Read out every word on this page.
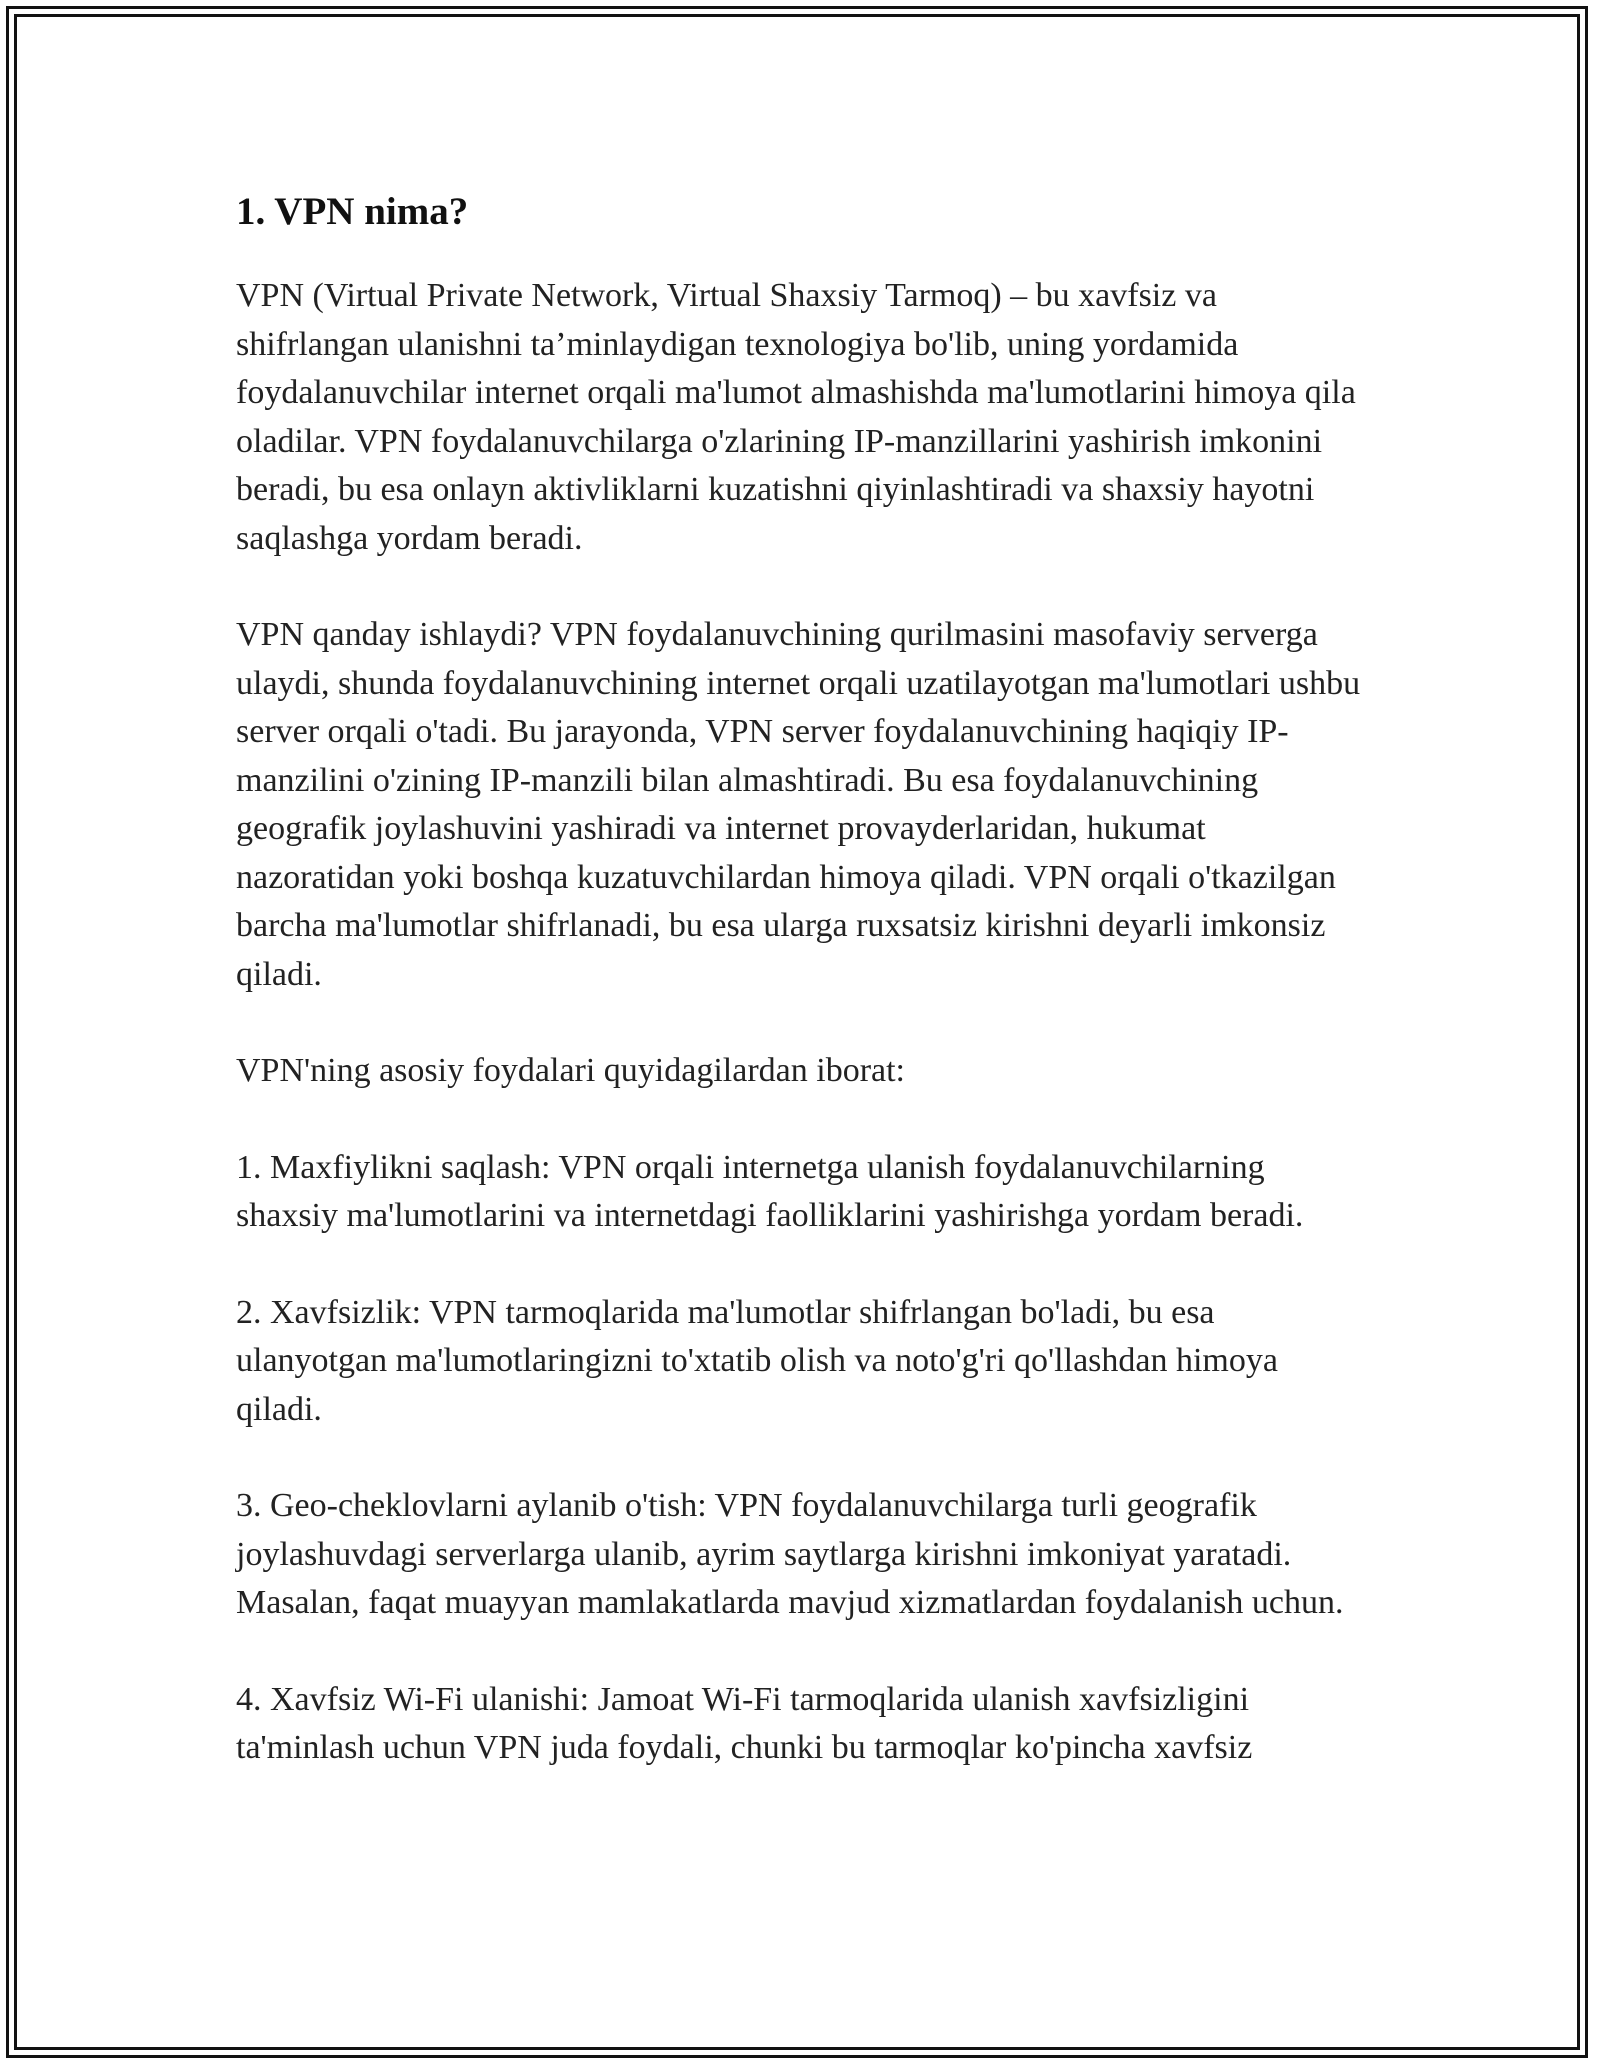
1. VPN nima?

VPN (Virtual Private Network, Virtual Shaxsiy Tarmoq) – bu xavfsiz va shifrlangan ulanishni ta’minlaydigan texnologiya bo'lib, uning yordamida foydalanuvchilar internet orqali ma'lumot almashishda ma'lumotlarini himoya qila oladilar. VPN foydalanuvchilarga o'zlarining IP-manzillarini yashirish imkonini beradi, bu esa onlayn aktivliklarni kuzatishni qiyinlashtiradi va shaxsiy hayotni saqlashga yordam beradi.

VPN qanday ishlaydi? VPN foydalanuvchining qurilmasini masofaviy serverga ulaydi, shunda foydalanuvchining internet orqali uzatilayotgan ma'lumotlari ushbu server orqali o'tadi. Bu jarayonda, VPN server foydalanuvchining haqiqiy IP-manzilini o'zining IP-manzili bilan almashtiradi. Bu esa foydalanuvchining geografik joylashuvini yashiradi va internet provayderlaridan, hukumat nazoratidan yoki boshqa kuzatuvchilardan himoya qiladi. VPN orqali o'tkazilgan barcha ma'lumotlar shifrlanadi, bu esa ularga ruxsatsiz kirishni deyarli imkonsiz qiladi.

VPN'ning asosiy foydalari quyidagilardan iborat:

1. Maxfiylikni saqlash: VPN orqali internetga ulanish foydalanuvchilarning shaxsiy ma'lumotlarini va internetdagi faolliklarini yashirishga yordam beradi.

2. Xavfsizlik: VPN tarmoqlarida ma'lumotlar shifrlangan bo'ladi, bu esa ulanyotgan ma'lumotlaringizni to'xtatib olish va noto'g'ri qo'llashdan himoya qiladi.

3. Geo-cheklovlarni aylanib o'tish: VPN foydalanuvchilarga turli geografik joylashuvdagi serverlarga ulanib, ayrim saytlarga kirishni imkoniyat yaratadi. Masalan, faqat muayyan mamlakatlarda mavjud xizmatlardan foydalanish uchun.

4. Xavfsiz Wi-Fi ulanishi: Jamoat Wi-Fi tarmoqlarida ulanish xavfsizligini ta'minlash uchun VPN juda foydali, chunki bu tarmoqlar ko'pincha xavfsiz
